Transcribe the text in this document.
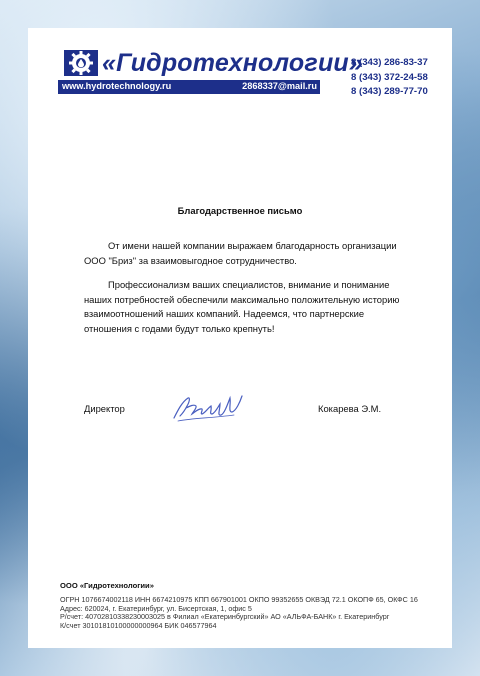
«Гидротехнологии»
www.hydrotechnology.ru	2868337@mail.ru
8 (343) 286-83-37
8 (343) 372-24-58
8 (343) 289-77-70
Благодарственное письмо
От имени нашей компании выражаем благодарность организации ООО "Бриз" за взаимовыгодное сотрудничество.
Профессионализм ваших специалистов, внимание и понимание наших потребностей обеспечили максимально положительную историю взаимоотношений наших компаний. Надеемся, что партнерские отношения с годами будут только крепнуть!
Директор	Кокарева Э.М.
ООО «Гидротехнологии»
ОГРН 1076674002118 ИНН 6674210975 КПП 667901001 ОКПО 99352655 ОКВЭД 72.1 ОКОПФ 65, ОКФС 16
Адрес: 620024, г. Екатеринбург, ул. Бисертская, 1, офис 5
Р/счет: 40702810338230003025 в Филиал «Екатеринбургский» АО «АЛЬФА-БАНК» г. Екатеринбург
К/счет 30101810100000000964 БИК 046577964
